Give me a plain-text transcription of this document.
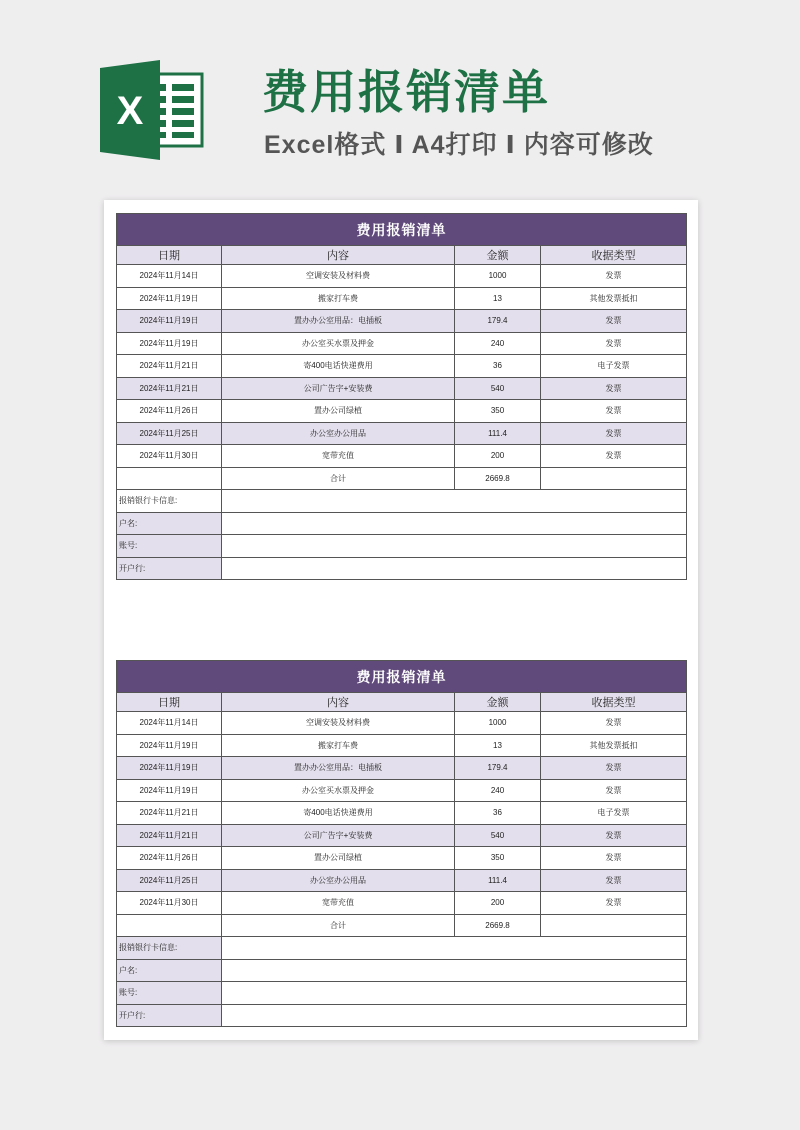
X	费用报销清单

Excel格式 Ⅰ A4打印 Ⅰ 内容可修改

费用报销清单			
日期	内容	金额	收据类型
2024年11月14日	空调安装及材料费	1000	发票
2024年11月19日	搬家打车费	13	其他发票抵扣
2024年11月19日	置办办公室用品：电插板	179.4	发票
2024年11月19日	办公室买水票及押金	240	发票
2024年11月21日	寄400电话快递费用	36	电子发票
2024年11月21日	公司广告字+安装费	540	发票
2024年11月26日	置办公司绿植	350	发票
2024年11月25日	办公室办公用品	111.4	发票
2024年11月30日	宽带充值	200	发票
	合计	2669.8	
报销银行卡信息:			
户名:			
账号:			
开户行:			
费用报销清单			
日期	内容	金额	收据类型
2024年11月14日	空调安装及材料费	1000	发票
2024年11月19日	搬家打车费	13	其他发票抵扣
2024年11月19日	置办办公室用品：电插板	179.4	发票
2024年11月19日	办公室买水票及押金	240	发票
2024年11月21日	寄400电话快递费用	36	电子发票
2024年11月21日	公司广告字+安装费	540	发票
2024年11月26日	置办公司绿植	350	发票
2024年11月25日	办公室办公用品	111.4	发票
2024年11月30日	宽带充值	200	发票
	合计	2669.8	
报销银行卡信息:			
户名:			
账号:			
开户行:			
